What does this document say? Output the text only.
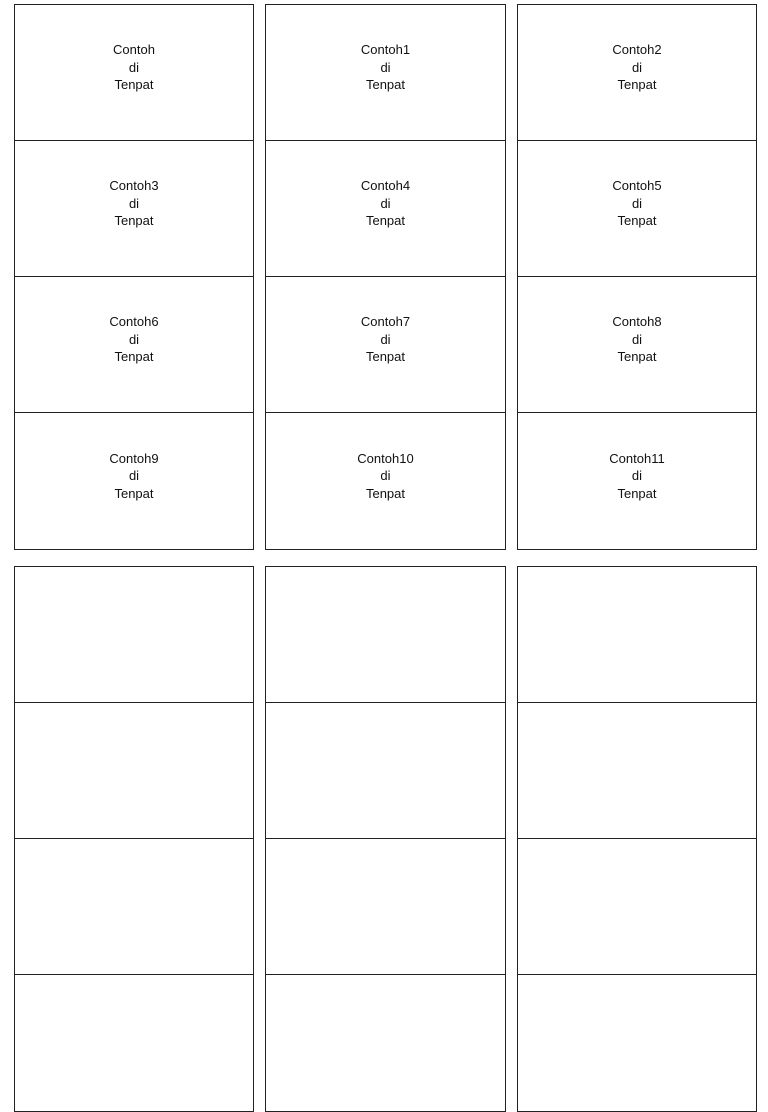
Contoh
di
Tenpat
Contoh1
di
Tenpat
Contoh2
di
Tenpat
Contoh3
di
Tenpat
Contoh4
di
Tenpat
Contoh5
di
Tenpat
Contoh6
di
Tenpat
Contoh7
di
Tenpat
Contoh8
di
Tenpat
Contoh9
di
Tenpat
Contoh10
di
Tenpat
Contoh11
di
Tenpat
